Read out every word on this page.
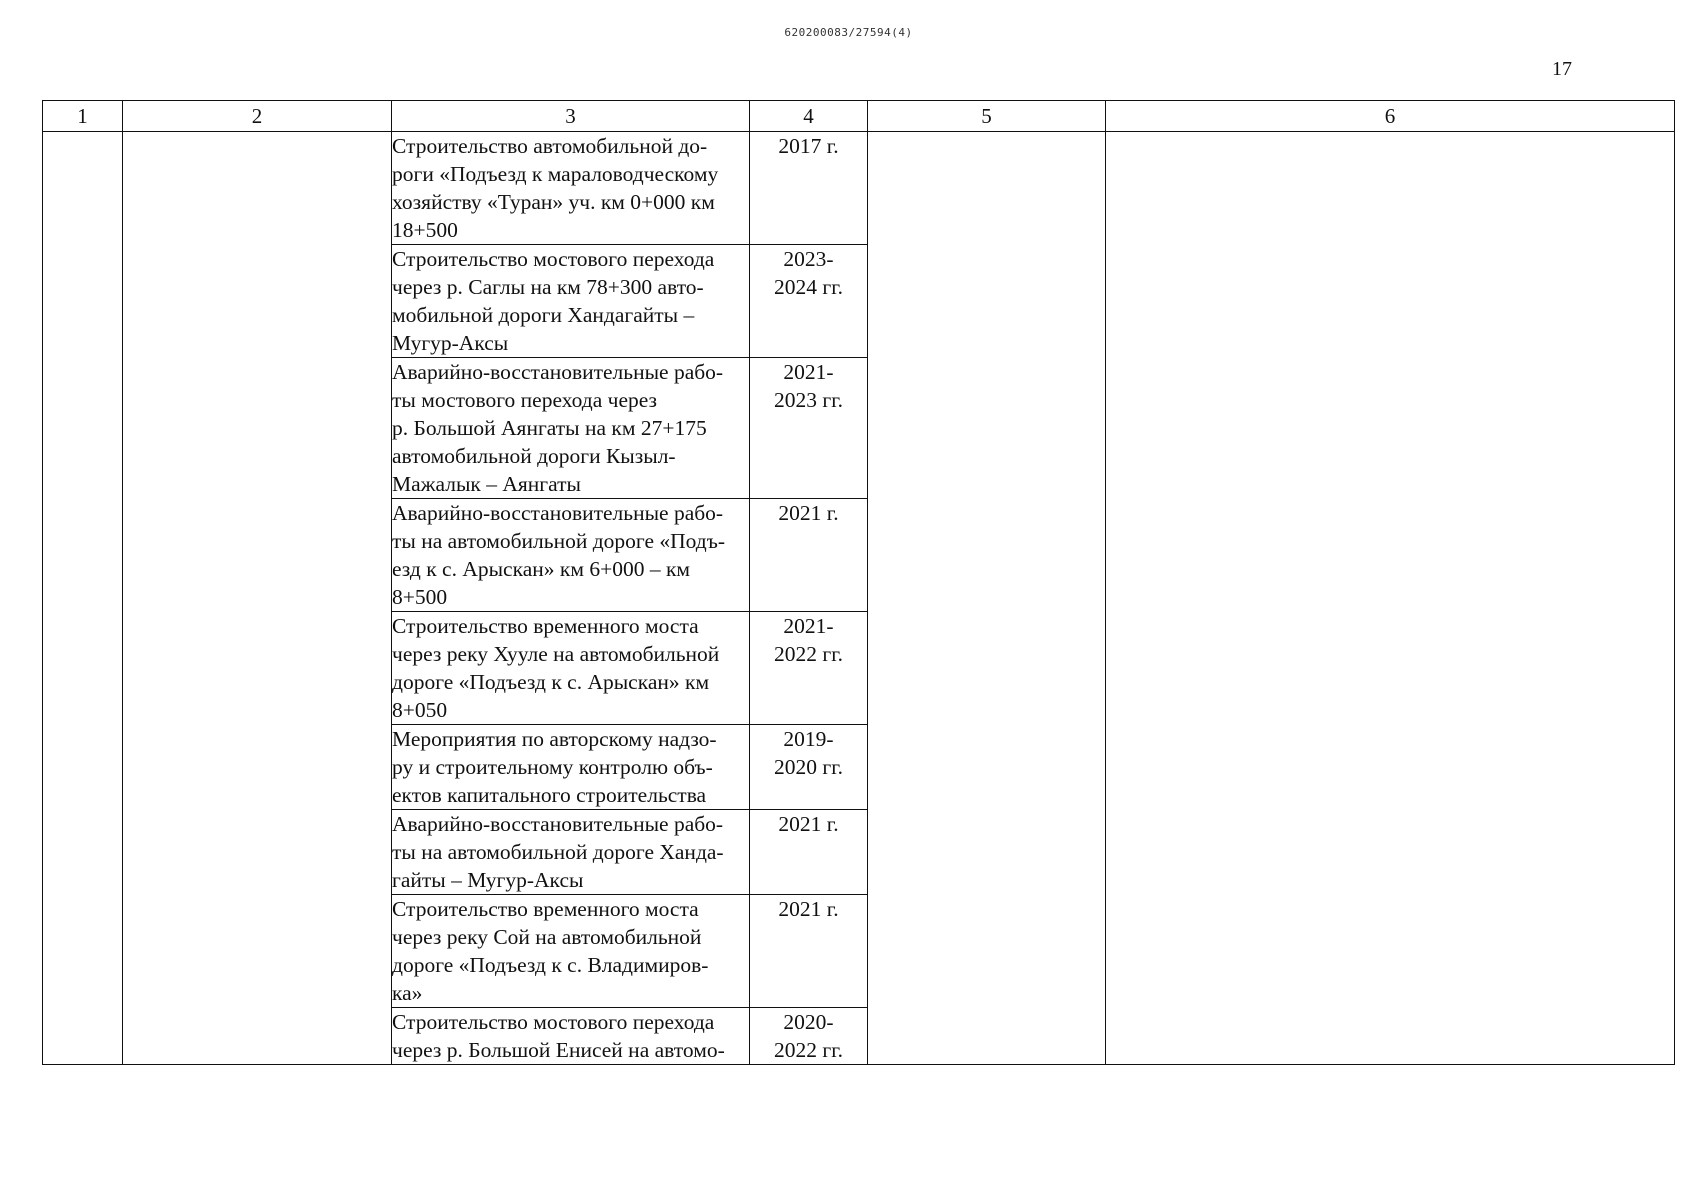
620200083/27594(4)
17
1	2	3	4	5	6

		Строительство автомобильной до-
роги «Подъезд к мараловодческому
хозяйству «Туран» уч. км 0+000 км
18+500	2017 г.		

		Строительство мостового перехода
через р. Саглы на км 78+300 авто-
мобильной дороги Хандагайты –
Мугур-Аксы	2023-
2024 гг.		

		Аварийно-восстановительные рабо-
ты мостового перехода через
р. Большой Аянгаты на км 27+175
автомобильной дороги Кызыл-
Мажалык – Аянгаты	2021-
2023 гг.		

		Аварийно-восстановительные рабо-
ты на автомобильной дороге «Подъ-
езд к с. Арыскан» км 6+000 – км
8+500	2021 г.		

		Строительство временного моста
через реку Хууле на автомобильной
дороге «Подъезд к с. Арыскан» км
8+050	2021-
2022 гг.		

		Мероприятия по авторскому надзо-
ру и строительному контролю объ-
ектов капитального строительства	2019-
2020 гг.		

		Аварийно-восстановительные рабо-
ты на автомобильной дороге Ханда-
гайты – Мугур-Аксы	2021 г.		

		Строительство временного моста
через реку Сой на автомобильной
дороге «Подъезд к с. Владимиров-
ка»	2021 г.		

		Строительство мостового перехода
через р. Большой Енисей на автомо-	2020-
2022 гг.		
